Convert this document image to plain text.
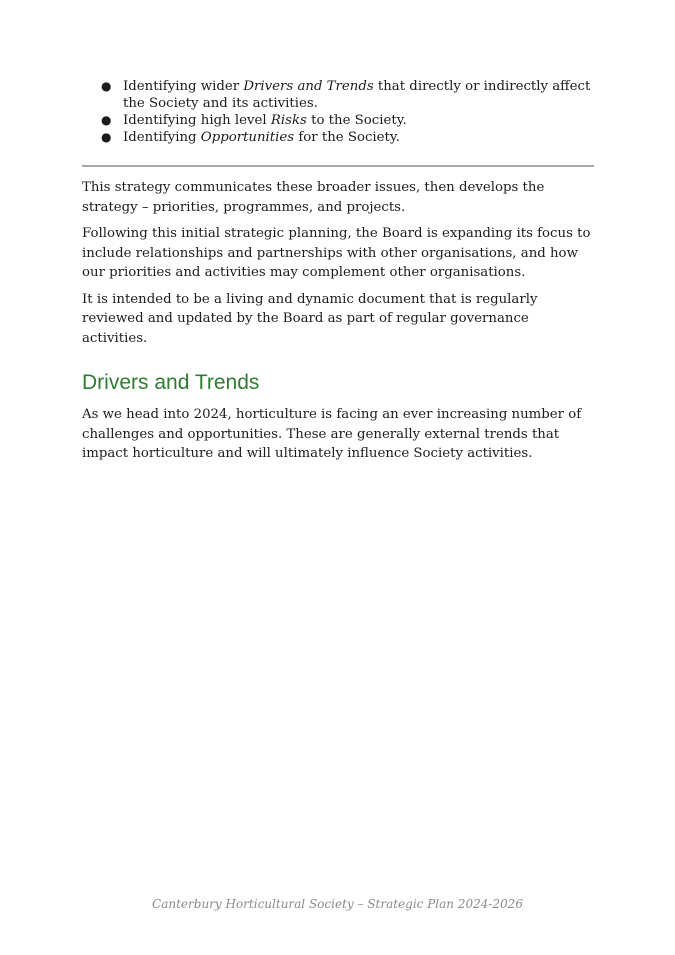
● Identifying wider Drivers and Trends that directly or indirectly affect the Society and its activities.
● Identifying high level Risks to the Society.
● Identifying Opportunities for the Society.

This strategy communicates these broader issues, then develops the strategy – priorities, programmes, and projects.

Following this initial strategic planning, the Board is expanding its focus to include relationships and partnerships with other organisations, and how our priorities and activities may complement other organisations.

It is intended to be a living and dynamic document that is regularly reviewed and updated by the Board as part of regular governance activities.

Drivers and Trends

As we head into 2024, horticulture is facing an ever increasing number of challenges and opportunities. These are generally external trends that impact horticulture and will ultimately influence Society activities.

Canterbury Horticultural Society – Strategic Plan 2024-2026
